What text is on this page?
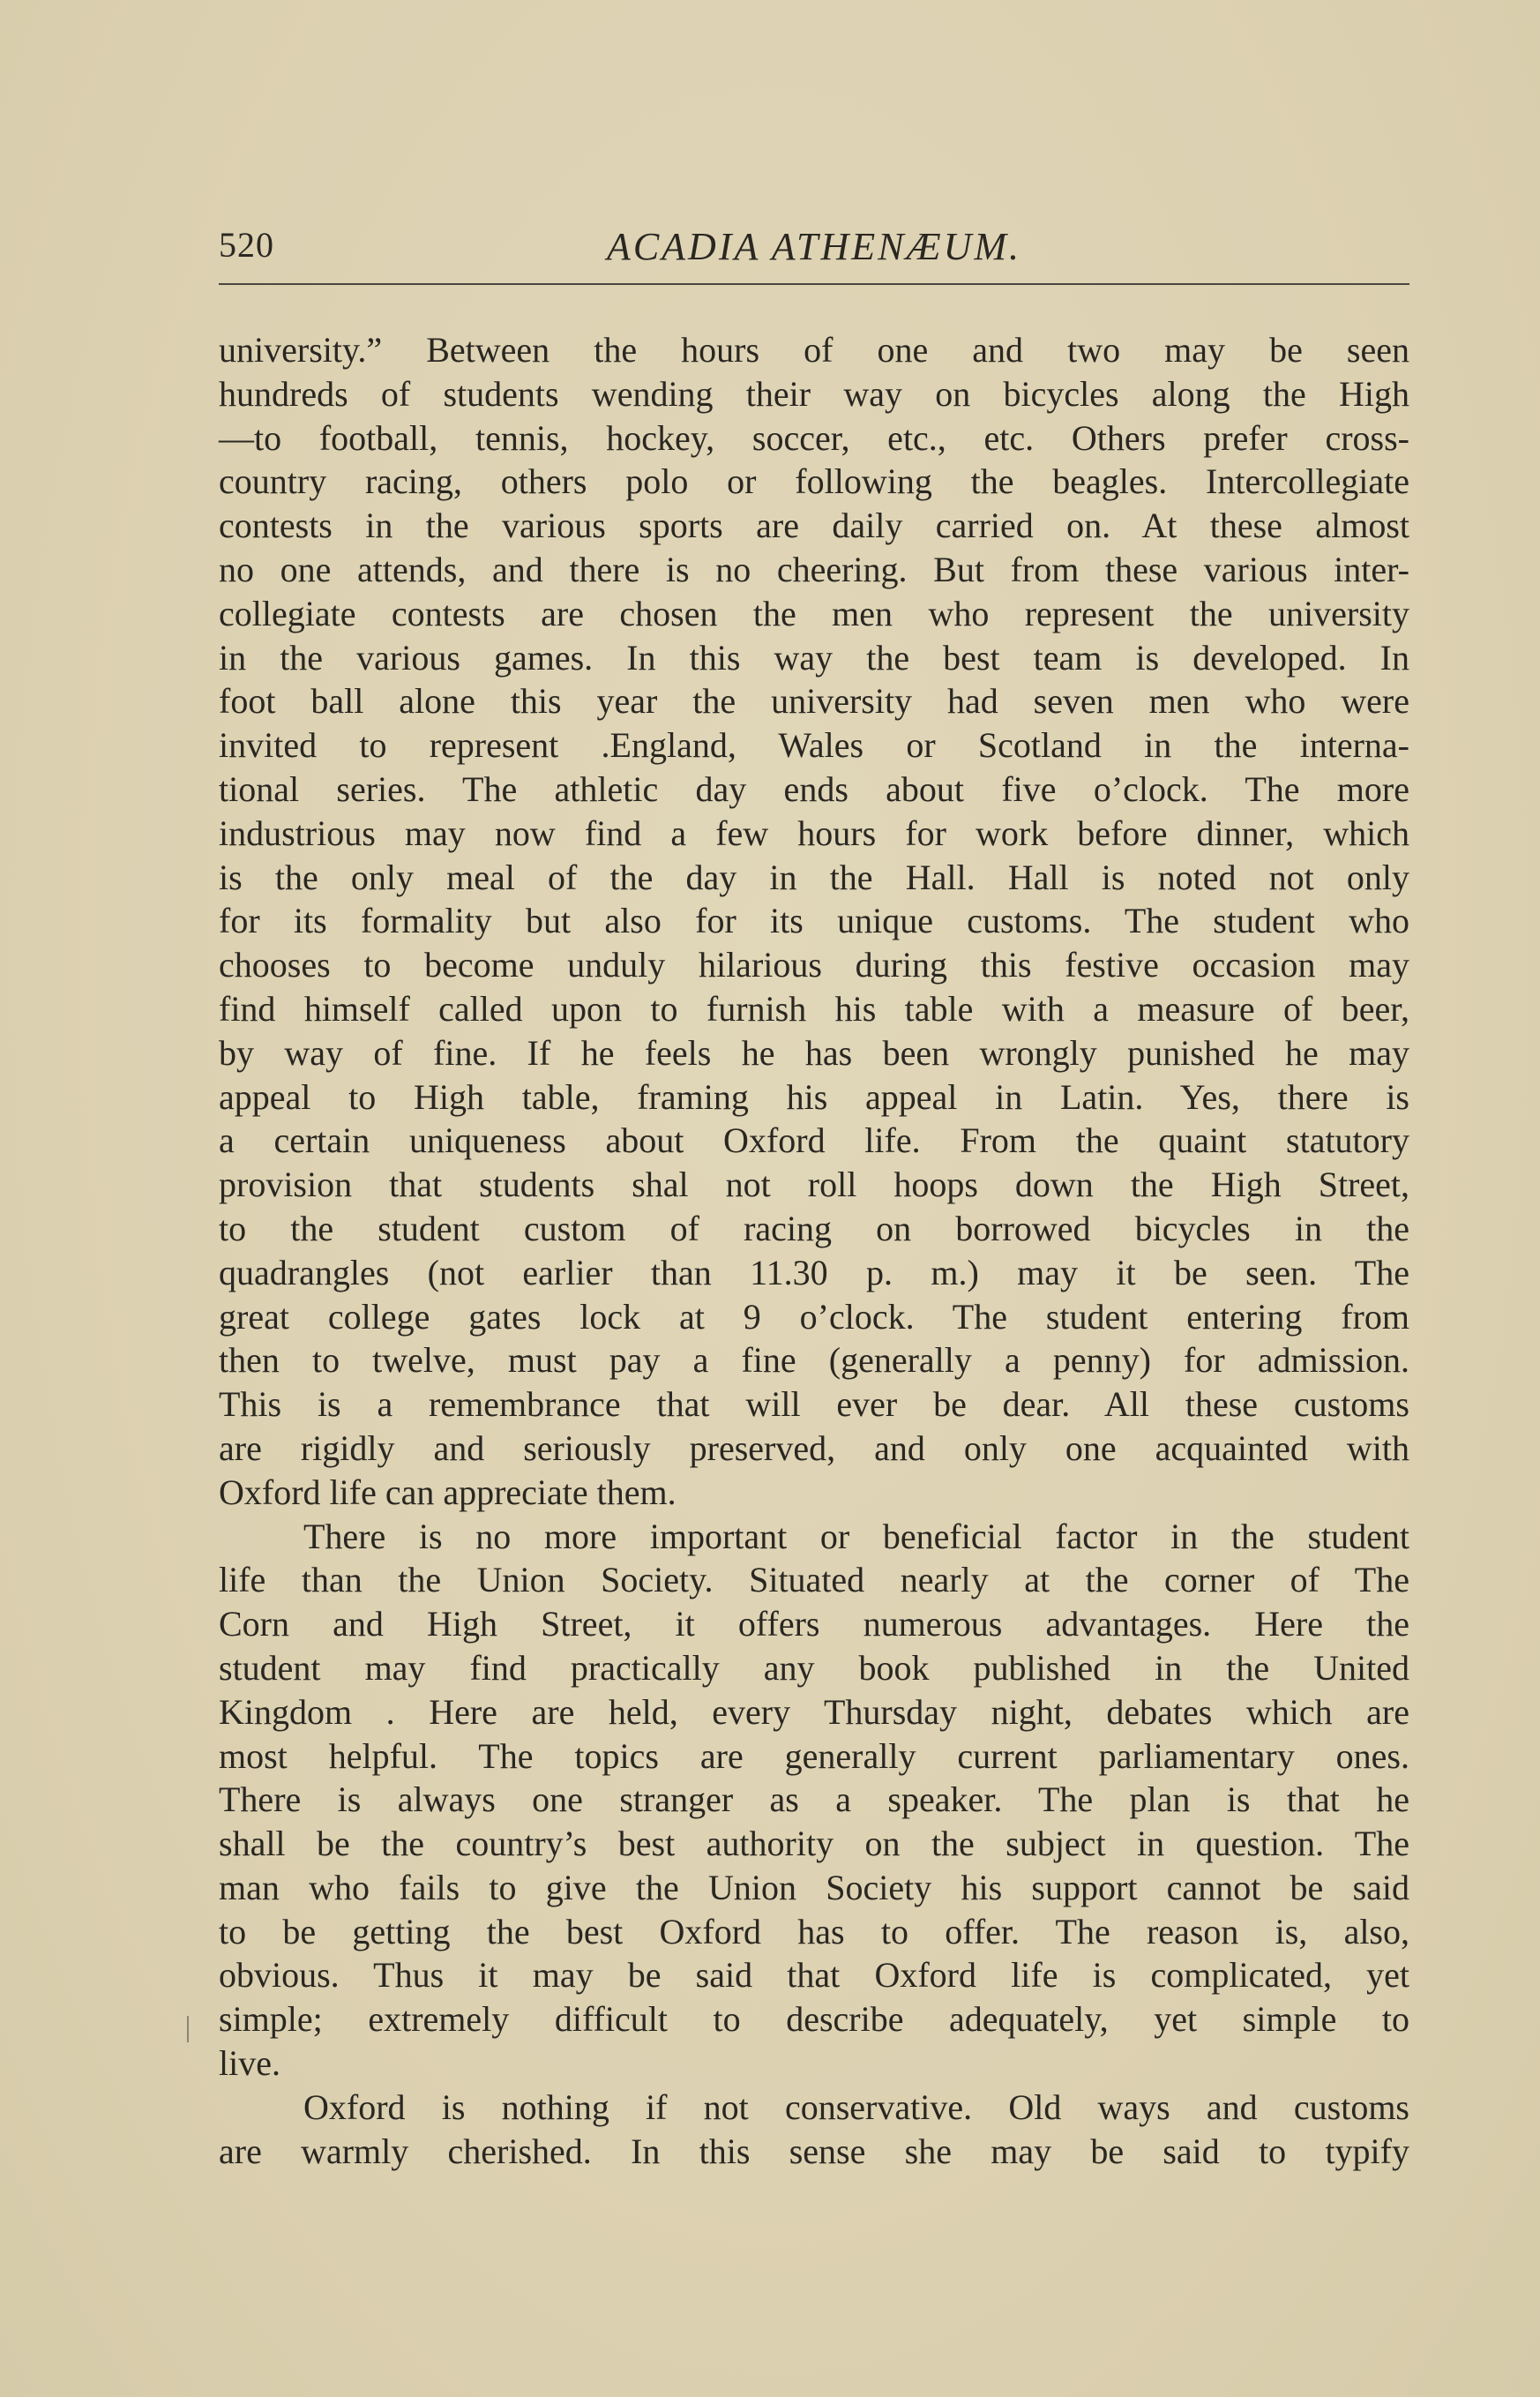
520	ACADIA ATHENÆUM.
university.” Between the hours of one and two may be seen
hundreds of students wending their way on bicycles along the High
—to football, tennis, hockey, soccer, etc., etc. Others prefer cross-
country racing, others polo or following the beagles. Intercollegiate
contests in the various sports are daily carried on. At these almost
no one attends, and there is no cheering. But from these various inter-
collegiate contests are chosen the men who represent the university
in the various games. In this way the best team is developed. In
foot ball alone this year the university had seven men who were
invited to represent .England, Wales or Scotland in the interna-
tional series. The athletic day ends about five o’clock. The more
industrious may now find a few hours for work before dinner, which
is the only meal of the day in the Hall. Hall is noted not only
for its formality but also for its unique customs. The student who
chooses to become unduly hilarious during this festive occasion may
find himself called upon to furnish his table with a measure of beer,
by way of fine. If he feels he has been wrongly punished he may
appeal to High table, framing his appeal in Latin. Yes, there is
a certain uniqueness about Oxford life. From the quaint statutory
provision that students shal not roll hoops down the High Street,
to the student custom of racing on borrowed bicycles in the
quadrangles (not earlier than 11.30 p. m.) may it be seen. The
great college gates lock at 9 o’clock. The student entering from
then to twelve, must pay a fine (generally a penny) for admission.
This is a remembrance that will ever be dear. All these customs
are rigidly and seriously preserved, and only one acquainted with
Oxford life can appreciate them.
There is no more important or beneficial factor in the student
life than the Union Society. Situated nearly at the corner of The
Corn and High Street, it offers numerous advantages. Here the
student may find practically any book published in the United
Kingdom . Here are held, every Thursday night, debates which are
most helpful. The topics are generally current parliamentary ones.
There is always one stranger as a speaker. The plan is that he
shall be the country’s best authority on the subject in question. The
man who fails to give the Union Society his support cannot be said
to be getting the best Oxford has to offer. The reason is, also,
obvious. Thus it may be said that Oxford life is complicated, yet
simple; extremely difficult to describe adequately, yet simple to
live.
Oxford is nothing if not conservative. Old ways and customs
are warmly cherished. In this sense she may be said to typify
